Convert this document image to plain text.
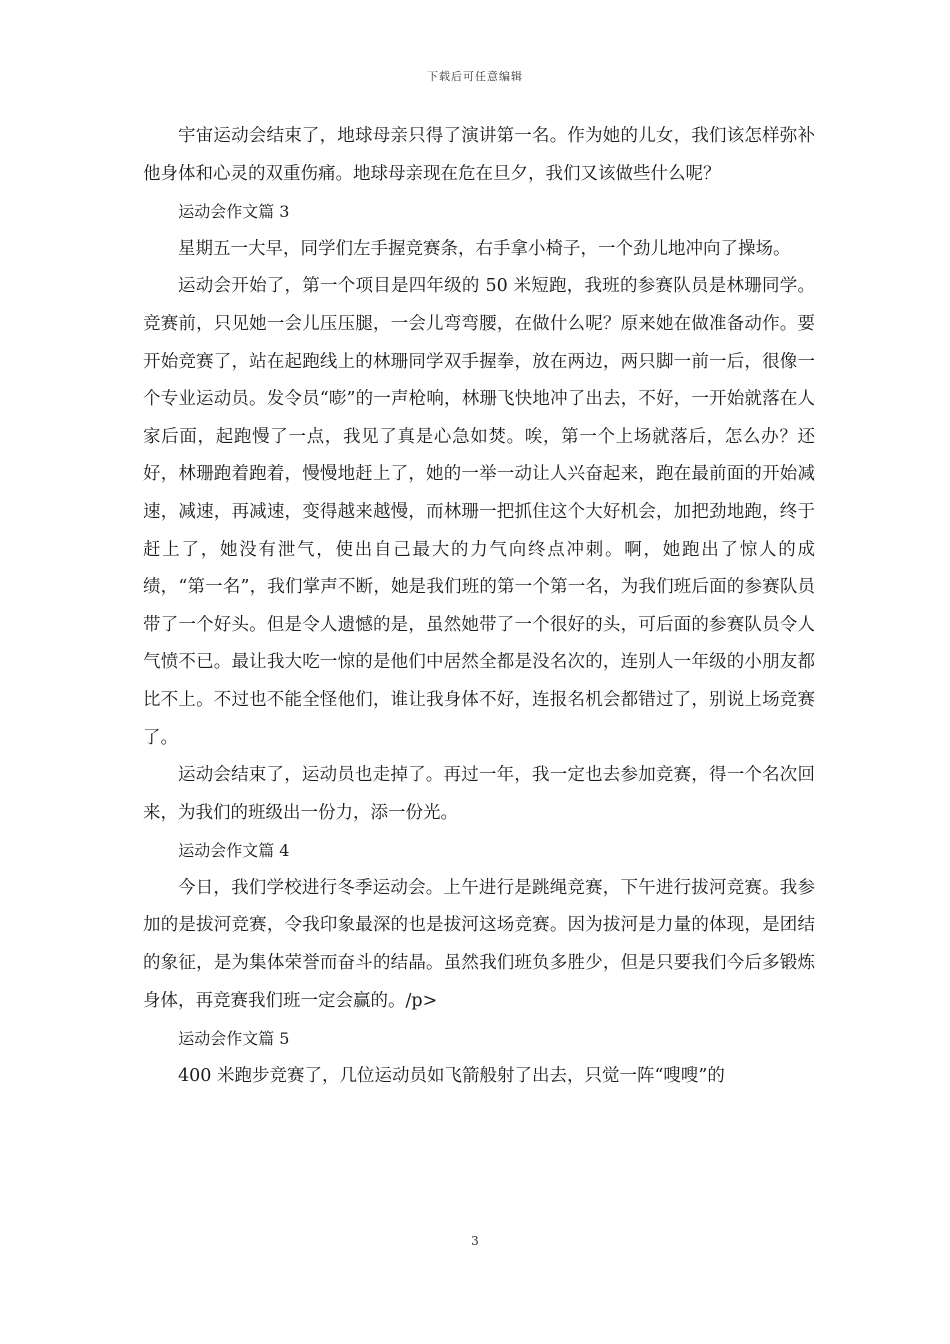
下载后可任意编辑

宇宙运动会结束了，地球母亲只得了演讲第一名。作为她的儿女，我们该怎样弥补他身体和心灵的双重伤痛。地球母亲现在危在旦夕，我们又该做些什么呢？

运动会作文篇 3

星期五一大早，同学们左手握竞赛条，右手拿小椅子，一个劲儿地冲向了操场。

运动会开始了，第一个项目是四年级的 50 米短跑，我班的参赛队员是林珊同学。竞赛前，只见她一会儿压压腿，一会儿弯弯腰，在做什么呢？原来她在做准备动作。要开始竞赛了，站在起跑线上的林珊同学双手握拳，放在两边，两只脚一前一后，很像一个专业运动员。发令员“嘭”的一声枪响，林珊飞快地冲了出去，不好，一开始就落在人家后面，起跑慢了一点，我见了真是心急如焚。唉，第一个上场就落后，怎么办？还好，林珊跑着跑着，慢慢地赶上了，她的一举一动让人兴奋起来，跑在最前面的开始减速，减速，再减速，变得越来越慢，而林珊一把抓住这个大好机会，加把劲地跑，终于赶上了，她没有泄气，使出自己最大的力气向终点冲刺。啊，她跑出了惊人的成绩，“第一名”，我们掌声不断，她是我们班的第一个第一名，为我们班后面的参赛队员带了一个好头。但是令人遗憾的是，虽然她带了一个很好的头，可后面的参赛队员令人气愤不已。最让我大吃一惊的是他们中居然全都是没名次的，连别人一年级的小朋友都比不上。不过也不能全怪他们，谁让我身体不好，连报名机会都错过了，别说上场竞赛了。

运动会结束了，运动员也走掉了。再过一年，我一定也去参加竞赛，得一个名次回来，为我们的班级出一份力，添一份光。

运动会作文篇 4

今日，我们学校进行冬季运动会。上午进行是跳绳竞赛，下午进行拔河竞赛。我参加的是拔河竞赛，令我印象最深的也是拔河这场竞赛。因为拔河是力量的体现，是团结的象征，是为集体荣誉而奋斗的结晶。虽然我们班负多胜少，但是只要我们今后多锻炼身体，再竞赛我们班一定会赢的。/p>

运动会作文篇 5

400 米跑步竞赛了，几位运动员如飞箭般射了出去，只觉一阵“嗖嗖”的

3
